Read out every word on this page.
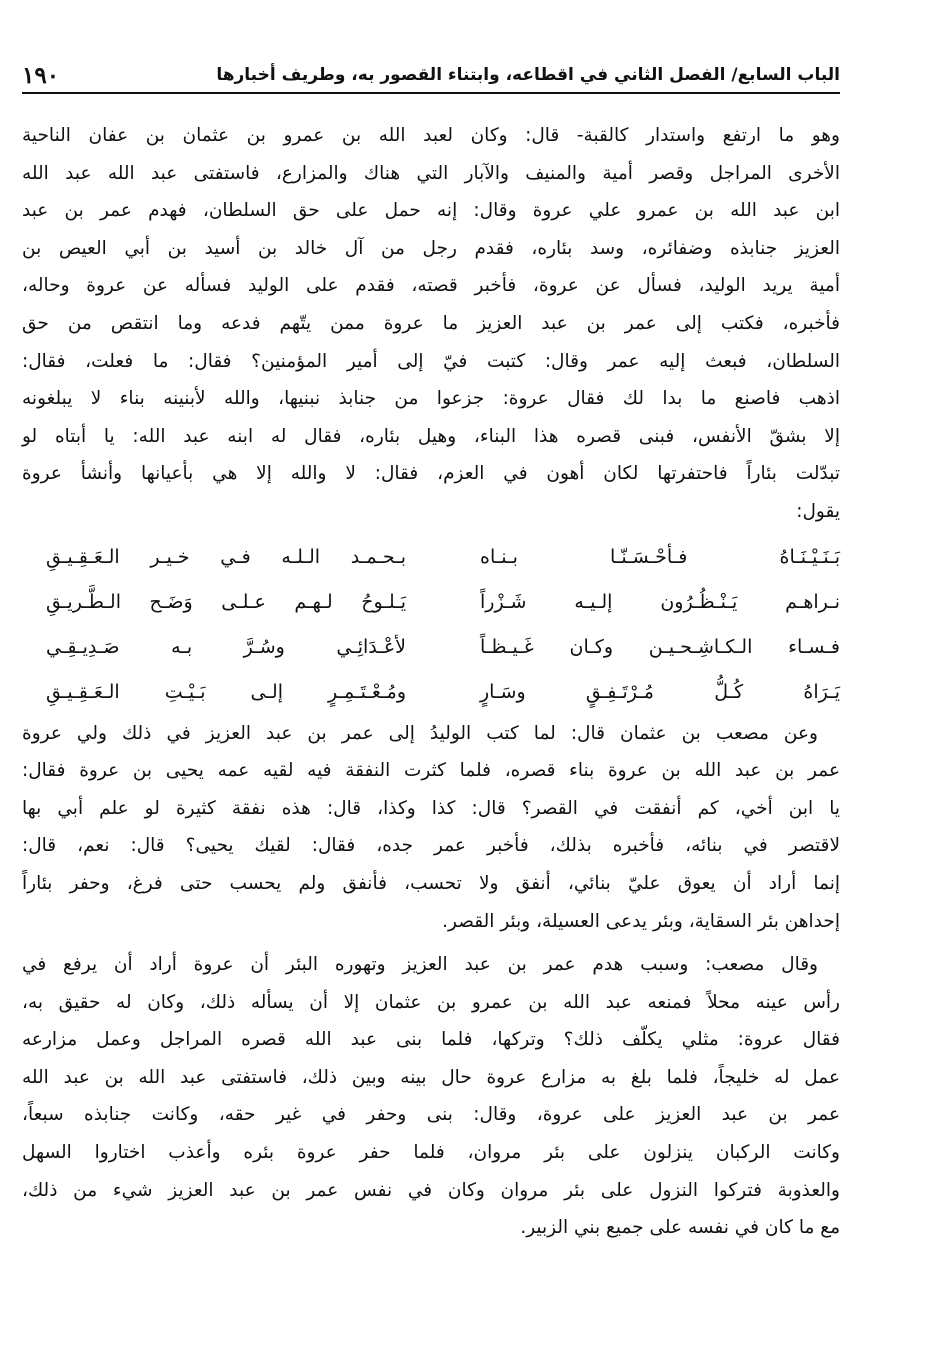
الباب السابع/ الفصل الثاني في اقطاعه، وابتناء القصور به، وطريف أخبارها
١٩٠
وهو ما ارتفع واستدار كالقبة- قال: وكان لعبد الله بن عمرو بن عثمان بن عفان الناحية
الأخرى المراجل وقصر أمية والمنيف والآبار التي هناك والمزارع، فاستفتى عبد الله عبد الله
ابن عبد الله بن عمرو علي عروة وقال: إنه حمل على حق السلطان، فهدم عمر بن عبد
العزيز جنابذه وضفائره، وسد بئاره، فقدم رجل من آل خالد بن أسيد بن أبي العيص بن
أمية يريد الوليد، فسأل عن عروة، فأخبر قصته، فقدم على الوليد فسأله عن عروة وحاله،
فأخبره، فكتب إلى عمر بن عبد العزيز ما عروة ممن يتّهم فدعه وما انتقص من حق
السلطان، فبعث إليه عمر وقال: كتبت فيّ إلى أمير المؤمنين؟ فقال: ما فعلت، فقال:
اذهب فاصنع ما بدا لك فقال عروة: جزعوا من جنابذ نبنيها، والله لأبنينه بناء لا يبلغونه
إلا بشقّ الأنفس، فبنى قصره هذا البناء، وهيل بئاره، فقال له ابنه عبد الله: يا أبتاه لو
تبدّلت بئاراً فاحتفرتها لكان أهون في العزم، فقال: لا والله إلا هي بأعيانها وأنشأ عروة
يقول:
بَـنَـيْـنَـاهُ فـأحْـسَـنّـا بـنـاه
بـحـمـد الـلـه فـي خـيـر الـعَـقِـيـقِ
نـراهـم يَـنْـظُـرُون إلـيـه شَـزْراً
يَـلـوحُ لـهـم عـلـى وَضَـح الـطَّـريـقِ
فـسـاء الـكـاشِـحـيـن وكـان غَـيـظـاً
لأعْـدَائِـي وسُـرَّ بـه صَـدِيـقِـي
يَـرَاهُ كُـلُّ مُـرْتَـفِـقٍ وسَـارٍ
ومُـعْـتَـمِـرٍ إلـى بَـيْـتِ الـعَـقِـيـقِ
وعن مصعب بن عثمان قال: لما كتب الوليدُ إلى عمر بن عبد العزيز في ذلك ولي عروة
عمر بن عبد الله بن عروة بناء قصره، فلما كثرت النفقة فيه لقيه عمه يحيى بن عروة فقال:
يا ابن أخي، كم أنفقت في القصر؟ قال: كذا وكذا، قال: هذه نفقة كثيرة لو علم أبي بها
لاقتصر في بنائه، فأخبره بذلك، فأخبر عمر جده، فقال: لقيك يحيى؟ قال: نعم، قال:
إنما أراد أن يعوق عليّ بنائي، أنفق ولا تحسب، فأنفق ولم يحسب حتى فرغ، وحفر بئاراً
إحداهن بئر السقاية، وبئر يدعى العسيلة، وبئر القصر.
وقال مصعب: وسبب هدم عمر بن عبد العزيز وتهوره البئر أن عروة أراد أن يرفع في
رأس عينه محلاً فمنعه عبد الله بن عمرو بن عثمان إلا أن يسأله ذلك، وكان له حقيق به،
فقال عروة: مثلي يكلّف ذلك؟ وتركها، فلما بنى عبد الله قصره المراجل وعمل مزارعه
عمل له خليجاً، فلما بلغ به مزارع عروة حال بينه وبين ذلك، فاستفتى عبد الله بن عبد الله
عمر بن عبد العزيز على عروة، وقال: بنى وحفر في غير حقه، وكانت جنابذه سبعاً،
وكانت الركبان ينزلون على بئر مروان، فلما حفر عروة بئره وأعذب اختاروا السهل
والعذوبة فتركوا النزول على بئر مروان وكان في نفس عمر بن عبد العزيز شيء من ذلك،
مع ما كان في نفسه على جميع بني الزبير.
